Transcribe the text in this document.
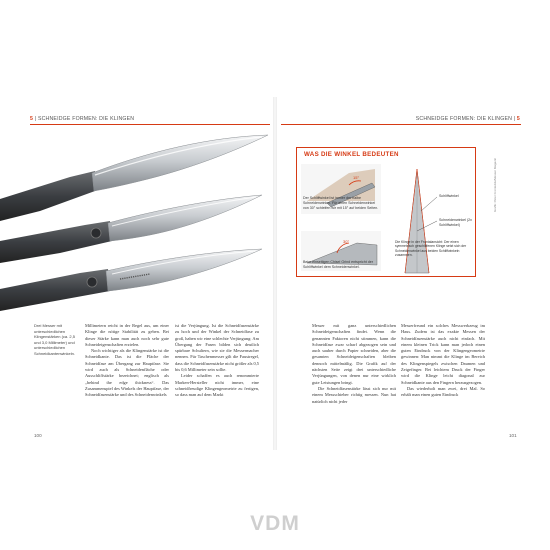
5 | SCHNEIDGE FORMEN: DIE KLINGEN
Drei Messer mit unterschiedlichen Klingenstärken (ca. 2,5 und 3,0 Millimeter) und unterschiedlichen Schneidkantenwinkeln.

Millimetern reicht in der Regel aus, um einer Klinge die nötige Stabilität zu geben. Bei dieser Stärke kann man auch noch sehr gute Schneideigenschaften erzielen.

Noch wichtiger als die Klingenstärke ist die Schneidkante. Das ist die Fläche der Schneidfase am Übergang zur Hauptfase. Sie wird auch als Schneidenfläche oder Ausschliffstärke bezeichnet; englisch als „behind the edge thickness“. Das Zusammenspiel des Winkels der Hauptfase, der Schneidfasenstärke und des Schneidenwinkels

ist die Verjüngung. Ist die Schneidfasenstärke zu hoch und der Winkel der Schneidfase zu groß, haben wir eine schlechte Verjüngung: Am Übergang der Fasen bilden sich deutlich spürbare Schultern, wie sie die Messermacher nennen. Für Taschenmesser gilt die Faustregel, dass die Schneidfasenstärke nicht größer als 0,5 bis 0,6 Millimeter sein sollte.

Leider schaffen es auch renommierte Marken-Hersteller nicht immer, eine schneidfreudige Klingengeometrie zu fertigen, so dass man auf dem Markt

100
SCHNEIDGE FORMEN: DIE KLINGEN | 5
WAS DIE WINKEL BEDEUTEN
15°
Der Schliffwinkel ist immer der halbe Schneidenwinkel. Für einen Schneidenwinkel von 30° schleifen wir mit 15° auf beiden Seiten.
30°
Beim einseitigen Chisel Grind entspricht der Schliffwinkel dem Schneidenwinkel.
Schliffwinkel
Schneidenwinkel (2x Schliffwinkel)
Die Klinge in der Frontalansicht: Der einen symmetrisch geschliffenen Klinge setzt sich der Schneidenwinkel aus beiden Schliffwinkeln zusammen.
Grafik: Peter Fronteddu/Messer Magazin

Messer mit ganz unterschiedlichen Schneideigenschaften findet. Wenn die genannten Faktoren nicht stimmen, kann die Schneidfase zwar scharf abgezogen sein und auch sauber durch Papier schneiden, aber die gesamten Schneideigenschaften bleiben dennoch mittelmäßig. Die Grafik auf der nächsten Seite zeigt drei unterschiedliche Verjüngungen, von denen nur eine wirklich gute Leistungen bringt.

Die Schneidfasenstärke lässt sich nur mit einem Messschieber richtig messen. Nun hat natürlich nicht jeder

Messerfreund ein solches Messwerkzeug im Haus. Zudem ist das exakte Messen der Schneidfasenstärke auch nicht einfach. Mit einem kleinen Trick kann man jedoch einen guten Eindruck von der Klingengeometrie gewinnen: Man nimmt die Klinge im Bereich des Klingenspiegels zwischen Daumen und Zeigefinger. Bei leichtem Druck der Finger wird die Klinge leicht diagonal zur Schneidkante aus den Fingern herausgezogen.

Das wiederholt man zwei, drei Mal. So erhält man einen guten Eindruck

101
VDM
